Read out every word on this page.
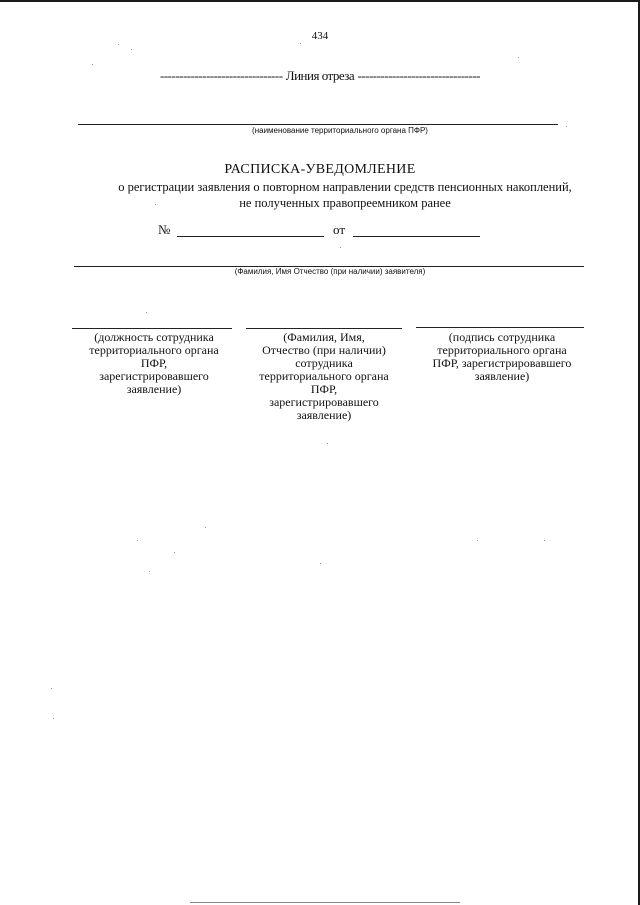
434
-------------------------------- Линия отреза --------------------------------
(наименование территориального органа ПФР)
РАСПИСКА-УВЕДОМЛЕНИЕ
о регистрации заявления о повторном направлении средств пенсионных накоплений,
не полученных правопреемником ранее
№	от
(Фамилия, Имя Отчество (при наличии) заявителя)
(должность сотрудника
территориального органа
ПФР,
зарегистрировавшего
заявление)
(Фамилия, Имя,
Отчество (при наличии)
сотрудника
территориального органа
ПФР,
зарегистрировавшего
заявление)
(подпись сотрудника
территориального органа
ПФР, зарегистрировавшего
заявление)
